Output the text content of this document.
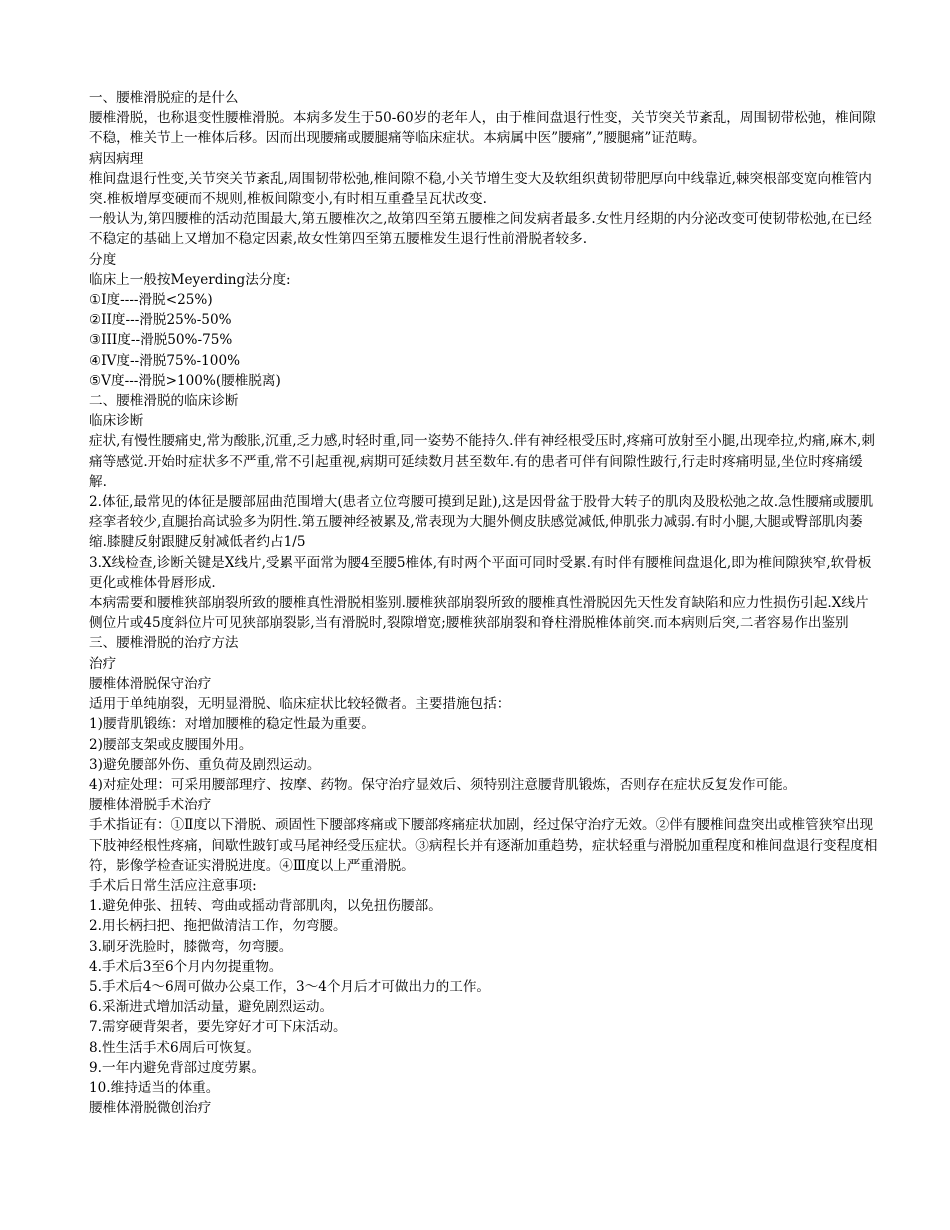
一、腰椎滑脱症的是什么

腰椎滑脱，也称退变性腰椎滑脱。本病多发生于50-60岁的老年人，由于椎间盘退行性变，关节突关节紊乱，周围韧带松弛，椎间隙不稳，椎关节上一椎体后移。因而出现腰痛或腰腿痛等临床症状。本病属中医”腰痛”,”腰腿痛”证范畴。

病因病理

椎间盘退行性变,关节突关节紊乱,周围韧带松弛,椎间隙不稳,小关节增生变大及软组织黄韧带肥厚向中线靠近,棘突根部变宽向椎管内突.椎板增厚变硬而不规则,椎板间隙变小,有时相互重叠呈瓦状改变.

一般认为,第四腰椎的活动范围最大,第五腰椎次之,故第四至第五腰椎之间发病者最多.女性月经期的内分泌改变可使韧带松弛,在已经不稳定的基础上又增加不稳定因素,故女性第四至第五腰椎发生退行性前滑脱者较多.

分度

临床上一般按Meyerding法分度:

①I度----滑脱<25%)

②II度---滑脱25%-50%

③III度--滑脱50%-75%

④IV度--滑脱75%-100%

⑤V度---滑脱>100%(腰椎脱离)

二、腰椎滑脱的临床诊断

临床诊断

症状,有慢性腰痛史,常为酸胀,沉重,乏力感,时轻时重,同一姿势不能持久.伴有神经根受压时,疼痛可放射至小腿,出现牵拉,灼痛,麻木,刺痛等感觉.开始时症状多不严重,常不引起重视,病期可延续数月甚至数年.有的患者可伴有间隙性跛行,行走时疼痛明显,坐位时疼痛缓解.

2.体征,最常见的体征是腰部屈曲范围增大(患者立位弯腰可摸到足趾),这是因骨盆于股骨大转子的肌肉及股松弛之故.急性腰痛或腰肌痉挛者较少,直腿抬高试验多为阴性.第五腰神经被累及,常表现为大腿外侧皮肤感觉减低,伸肌张力减弱.有时小腿,大腿或臀部肌肉萎缩.膝腱反射跟腱反射减低者约占1/5

3.X线检查,诊断关键是X线片,受累平面常为腰4至腰5椎体,有时两个平面可同时受累.有时伴有腰椎间盘退化,即为椎间隙狭窄,软骨板更化或椎体骨唇形成.

本病需要和腰椎狭部崩裂所致的腰椎真性滑脱相鉴别.腰椎狭部崩裂所致的腰椎真性滑脱因先天性发育缺陷和应力性损伤引起.X线片侧位片或45度斜位片可见狭部崩裂影,当有滑脱时,裂隙增宽;腰椎狭部崩裂和脊柱滑脱椎体前突.而本病则后突,二者容易作出鉴别

三、腰椎滑脱的治疗方法

治疗

腰椎体滑脱保守治疗

适用于单纯崩裂，无明显滑脱、临床症状比较轻微者。主要措施包括：

1)腰背肌锻练：对增加腰椎的稳定性最为重要。

2)腰部支架或皮腰围外用。

3)避免腰部外伤、重负荷及剧烈运动。

4)对症处理：可采用腰部理疗、按摩、药物。保守治疗显效后、须特别注意腰背肌锻炼，否则存在症状反复发作可能。

腰椎体滑脱手术治疗

手术指证有：①Ⅱ度以下滑脱、顽固性下腰部疼痛或下腰部疼痛症状加剧，经过保守治疗无效。②伴有腰椎间盘突出或椎管狭窄出现下肢神经根性疼痛，间歇性跛钉或马尾神经受压症状。③病程长并有逐渐加重趋势，症状轻重与滑脱加重程度和椎间盘退行变程度相符，影像学检查证实滑脱进度。④Ⅲ度以上严重滑脱。

手术后日常生活应注意事项:

1.避免伸张、扭转、弯曲或摇动背部肌肉，以免扭伤腰部。

2.用长柄扫把、拖把做清洁工作，勿弯腰。

3.刷牙洗脸时，膝微弯，勿弯腰。

4.手术后3至6个月内勿提重物。

5.手术后4～6周可做办公桌工作，3～4个月后才可做出力的工作。

6.采渐进式增加活动量，避免剧烈运动。

7.需穿硬背架者，要先穿好才可下床活动。

8.性生活手术6周后可恢复。

9.一年内避免背部过度劳累。

10.维持适当的体重。

腰椎体滑脱微创治疗
